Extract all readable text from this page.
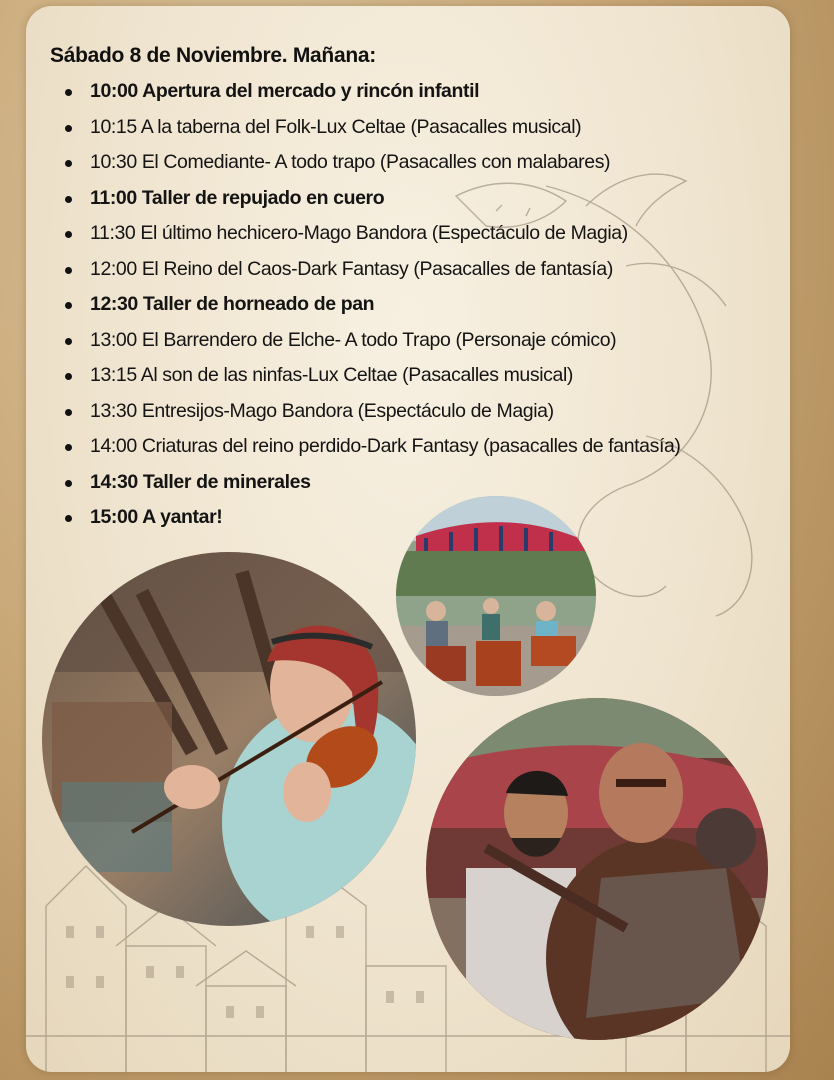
Sábado 8 de Noviembre. Mañana:
10:00 Apertura del mercado y rincón infantil
10:15 A la taberna del Folk-Lux Celtae (Pasacalles musical)
10:30 El Comediante- A todo trapo (Pasacalles con malabares)
11:00 Taller de repujado en cuero
11:30 El último hechicero-Mago Bandora (Espectáculo de Magia)
12:00 El Reino del Caos-Dark Fantasy (Pasacalles de fantasía)
12:30 Taller de horneado de pan
13:00 El Barrendero de Elche- A todo Trapo (Personaje cómico)
13:15 Al son de las ninfas-Lux Celtae (Pasacalles musical)
13:30 Entresijos-Mago Bandora (Espectáculo de Magia)
14:00 Criaturas del reino perdido-Dark Fantasy (pasacalles de fantasía)
14:30 Taller de minerales
15:00 A yantar!
